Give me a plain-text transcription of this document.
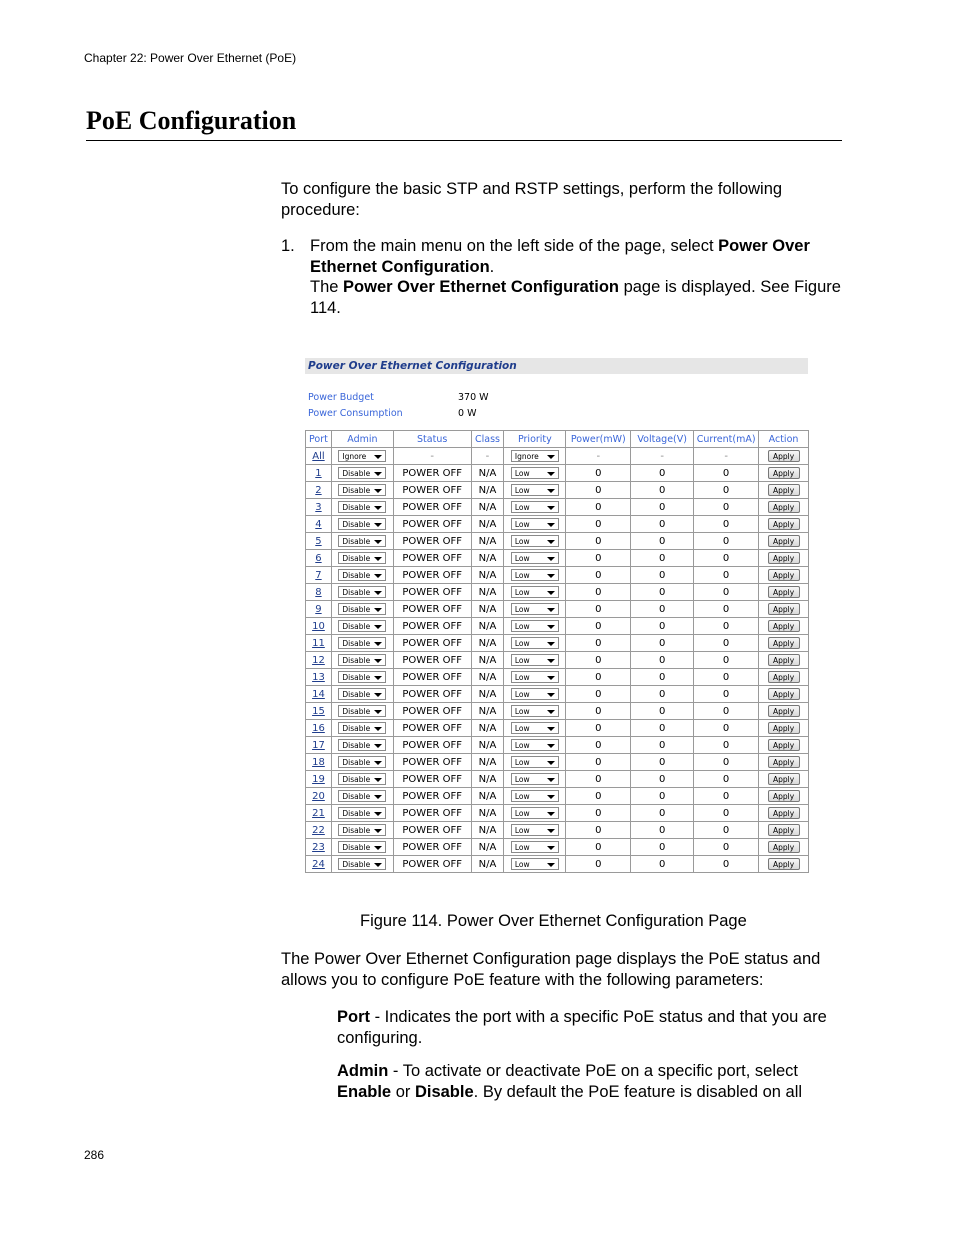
Chapter 22: Power Over Ethernet (PoE)
PoE Configuration
To configure the basic STP and RSTP settings, perform the following procedure:
1. From the main menu on the left side of the page, select Power Over Ethernet Configuration.
The Power Over Ethernet Configuration page is displayed. See Figure 114.
Power Over Ethernet Configuration
Power Budget	370 W
Power Consumption	0 W
Port	Admin	Status	Class	Priority	Power(mW)	Voltage(V)	Current(mA)	Action
All	Ignore	-	-	Ignore	-	-	-	Apply
1	Disable	POWER OFF	N/A	Low	0	0	0	Apply
2	Disable	POWER OFF	N/A	Low	0	0	0	Apply
3	Disable	POWER OFF	N/A	Low	0	0	0	Apply
4	Disable	POWER OFF	N/A	Low	0	0	0	Apply
5	Disable	POWER OFF	N/A	Low	0	0	0	Apply
6	Disable	POWER OFF	N/A	Low	0	0	0	Apply
7	Disable	POWER OFF	N/A	Low	0	0	0	Apply
8	Disable	POWER OFF	N/A	Low	0	0	0	Apply
9	Disable	POWER OFF	N/A	Low	0	0	0	Apply
10	Disable	POWER OFF	N/A	Low	0	0	0	Apply
11	Disable	POWER OFF	N/A	Low	0	0	0	Apply
12	Disable	POWER OFF	N/A	Low	0	0	0	Apply
13	Disable	POWER OFF	N/A	Low	0	0	0	Apply
14	Disable	POWER OFF	N/A	Low	0	0	0	Apply
15	Disable	POWER OFF	N/A	Low	0	0	0	Apply
16	Disable	POWER OFF	N/A	Low	0	0	0	Apply
17	Disable	POWER OFF	N/A	Low	0	0	0	Apply
18	Disable	POWER OFF	N/A	Low	0	0	0	Apply
19	Disable	POWER OFF	N/A	Low	0	0	0	Apply
20	Disable	POWER OFF	N/A	Low	0	0	0	Apply
21	Disable	POWER OFF	N/A	Low	0	0	0	Apply
22	Disable	POWER OFF	N/A	Low	0	0	0	Apply
23	Disable	POWER OFF	N/A	Low	0	0	0	Apply
24	Disable	POWER OFF	N/A	Low	0	0	0	Apply
Figure 114. Power Over Ethernet Configuration Page
The Power Over Ethernet Configuration page displays the PoE status and allows you to configure PoE feature with the following parameters:
Port - Indicates the port with a specific PoE status and that you are configuring.
Admin - To activate or deactivate PoE on a specific port, select Enable or Disable. By default the PoE feature is disabled on all
286
